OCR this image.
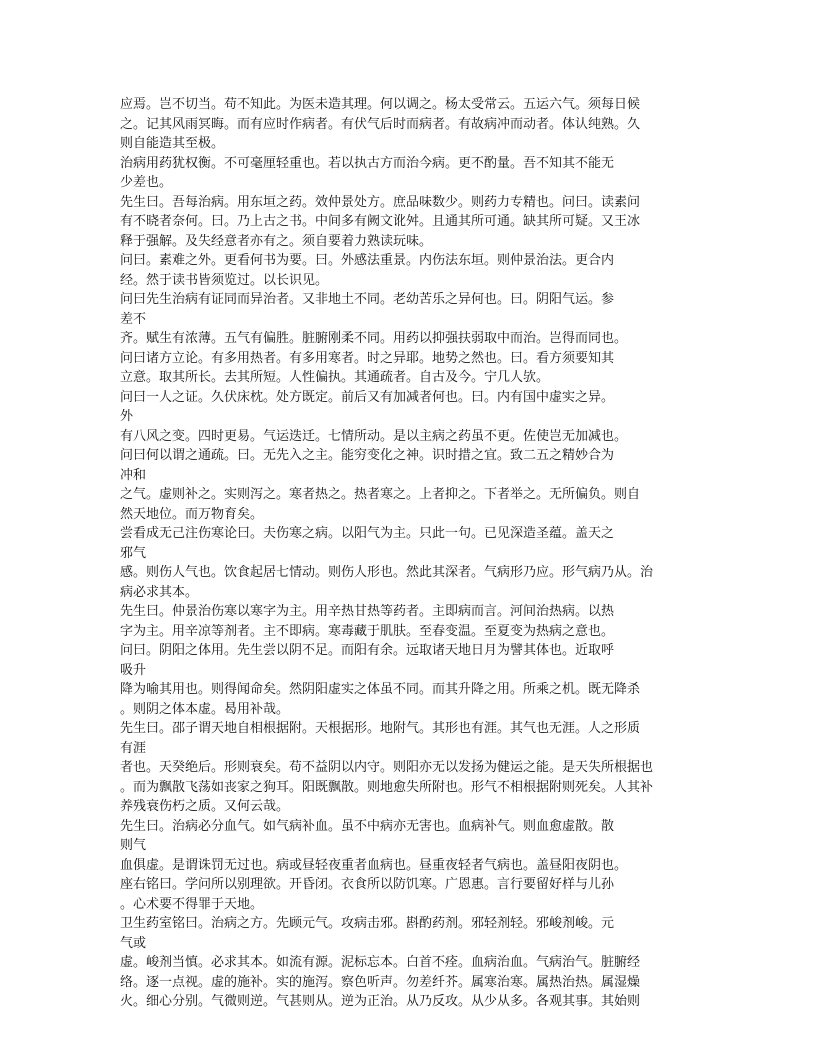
应焉。岂不切当。苟不知此。为医未造其理。何以调之。杨太受常云。五运六气。须每日候
之。记其风雨冥晦。而有应时作病者。有伏气后时而病者。有故病冲而动者。体认纯熟。久
则自能造其至极。
治病用药犹权衡。不可毫厘轻重也。若以执古方而治今病。更不酌量。吾不知其不能无
少差也。
先生曰。吾每治病。用东垣之药。效仲景处方。庶品味数少。则药力专精也。问曰。读素问
有不晓者奈何。曰。乃上古之书。中间多有阙文讹舛。且通其所可通。缺其所可疑。又王冰
释于强解。及失经意者亦有之。须自要着力熟读玩味。
问曰。素难之外。更看何书为要。曰。外感法重景。内伤法东垣。则仲景治法。更合内
经。然于读书皆须览过。以长识见。
问曰先生治病有证同而异治者。又非地土不同。老幼苦乐之异何也。曰。阴阳气运。参
差不
齐。赋生有浓薄。五气有偏胜。脏腑刚柔不同。用药以抑强扶弱取中而治。岂得而同也。
问曰诸方立论。有多用热者。有多用寒者。时之异耶。地势之然也。曰。看方须要知其
立意。取其所长。去其所短。人性偏执。其通疏者。自古及今。宁几人欤。
问曰一人之证。久伏床枕。处方既定。前后又有加减者何也。曰。内有国中虚实之异。
外
有八风之变。四时更易。气运迭迁。七情所动。是以主病之药虽不更。佐使岂无加减也。
问曰何以谓之通疏。曰。无先入之主。能穷变化之神。识时措之宜。致二五之精妙合为
冲和
之气。虚则补之。实则泻之。寒者热之。热者寒之。上者抑之。下者举之。无所偏负。则自
然天地位。而万物育矣。
尝看成无己注伤寒论曰。夫伤寒之病。以阳气为主。只此一句。已见深造圣蕴。盖天之
邪气
感。则伤人气也。饮食起居七情动。则伤人形也。然此其深者。气病形乃应。形气病乃从。治
病必求其本。
先生曰。仲景治伤寒以寒字为主。用辛热甘热等药者。主即病而言。河间治热病。以热
字为主。用辛凉等剂者。主不即病。寒毒藏于肌肤。至春变温。至夏变为热病之意也。
问曰。阴阳之体用。先生尝以阴不足。而阳有余。远取诸天地日月为譬其体也。近取呼
吸升
降为喻其用也。则得闻命矣。然阴阳虚实之体虽不同。而其升降之用。所乘之机。既无降杀
。则阴之体本虚。曷用补哉。
先生曰。邵子谓天地自相根据附。天根据形。地附气。其形也有涯。其气也无涯。人之形质
有涯
者也。天癸绝后。形则衰矣。苟不益阴以内守。则阳亦无以发扬为健运之能。是天失所根据也
。而为飘散飞荡如丧家之狗耳。阳既飘散。则地愈失所附也。形气不相根据附则死矣。人其补
养残衰伤朽之质。又何云哉。
先生曰。治病必分血气。如气病补血。虽不中病亦无害也。血病补气。则血愈虚散。散
则气
血俱虚。是谓诛罚无过也。病或昼轻夜重者血病也。昼重夜轻者气病也。盖昼阳夜阴也。
座右铭曰。学问所以别理欲。开昏闭。衣食所以防饥寒。广恩惠。言行要留好样与儿孙
。心术要不得罪于天地。
卫生药室铭曰。治病之方。先顾元气。攻病击邪。斟酌药剂。邪轻剂轻。邪峻剂峻。元
气或
虚。峻剂当慎。必求其本。如流有源。泥标忘本。白首不痊。血病治血。气病治气。脏腑经
络。逐一点视。虚的施补。实的施泻。察色听声。勿差纤芥。属寒治寒。属热治热。属湿燥
火。细心分别。气微则逆。气甚则从。逆为正治。从乃反攻。从少从多。各观其事。其始则
